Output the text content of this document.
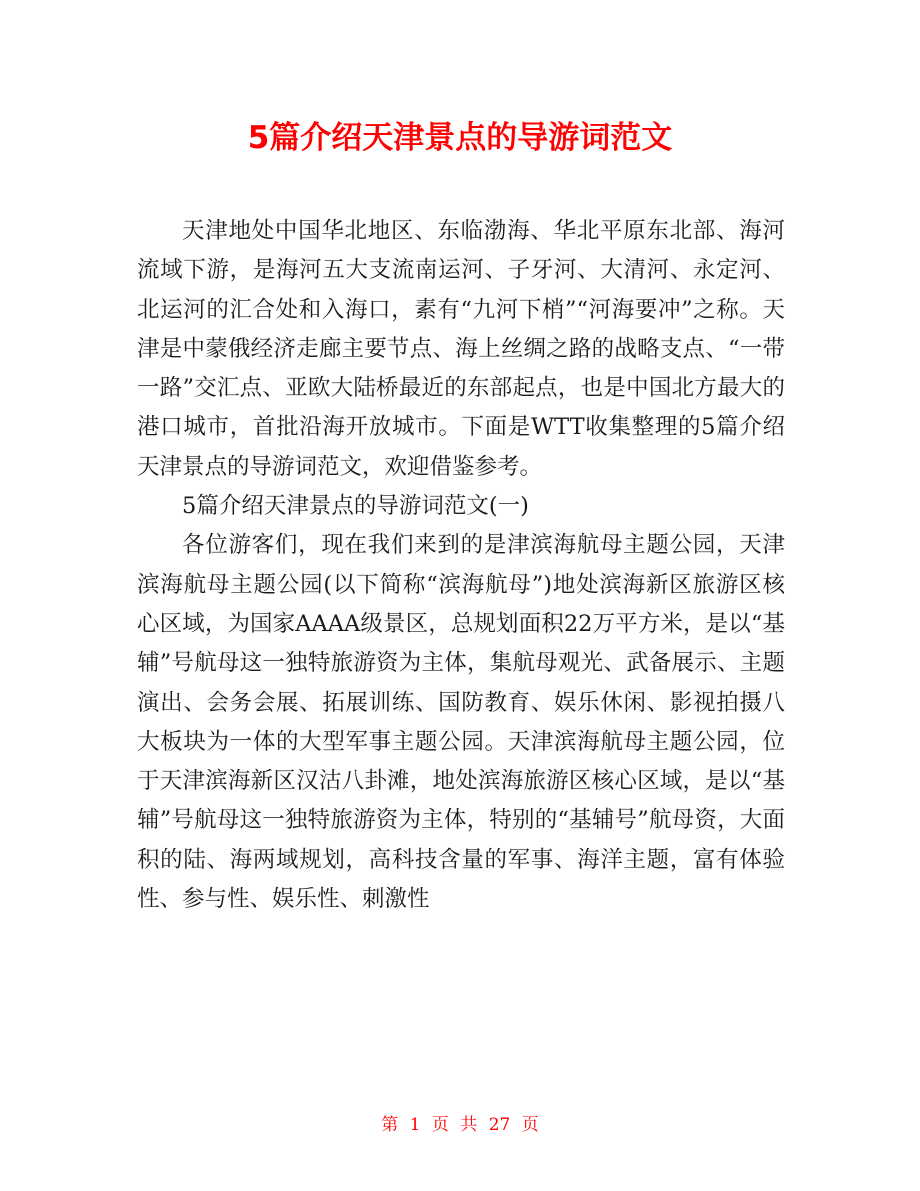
5篇介绍天津景点的导游词范文

天津地处中国华北地区、东临渤海、华北平原东北部、海河流域下游，是海河五大支流南运河、子牙河、大清河、永定河、北运河的汇合处和入海口，素有“九河下梢”“河海要冲”之称。天津是中蒙俄经济走廊主要节点、海上丝绸之路的战略支点、“一带一路”交汇点、亚欧大陆桥最近的东部起点，也是中国北方最大的港口城市，首批沿海开放城市。下面是WTT收集整理的5篇介绍天津景点的导游词范文，欢迎借鉴参考。

5篇介绍天津景点的导游词范文(一)

各位游客们，现在我们来到的是津滨海航母主题公园，天津滨海航母主题公园(以下简称“滨海航母”)地处滨海新区旅游区核心区域，为国家AAAA级景区，总规划面积22万平方米，是以“基辅”号航母这一独特旅游资为主体，集航母观光、武备展示、主题演出、会务会展、拓展训练、国防教育、娱乐休闲、影视拍摄八大板块为一体的大型军事主题公园。天津滨海航母主题公园，位于天津滨海新区汉沽八卦滩，地处滨海旅游区核心区域，是以“基辅”号航母这一独特旅游资为主体，特别的“基辅号”航母资，大面积的陆、海两域规划，高科技含量的军事、海洋主题，富有体验性、参与性、娱乐性、刺激性

第 1 页 共 27 页
